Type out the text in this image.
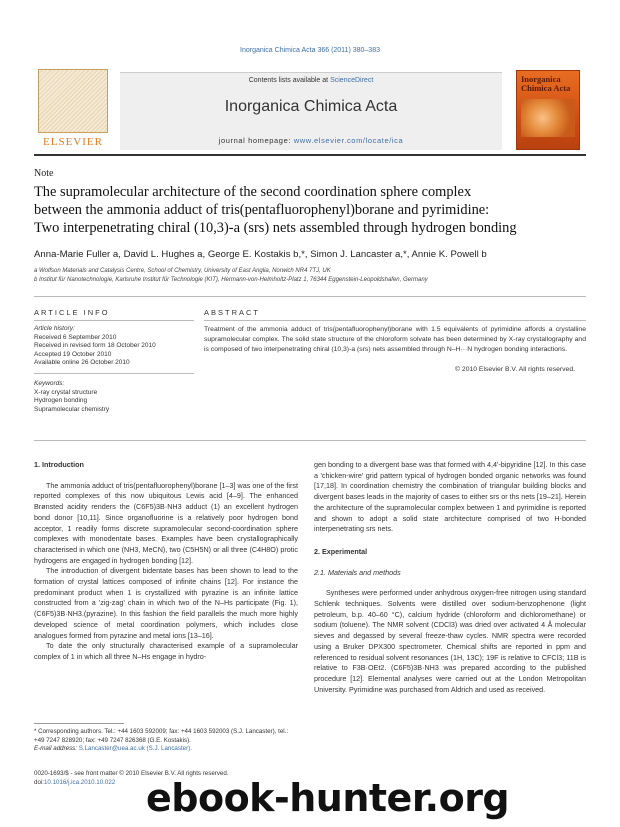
Inorganica Chimica Acta 366 (2011) 380–383
ELSEVIER
Contents lists available at ScienceDirect
Inorganica Chimica Acta
journal homepage: www.elsevier.com/locate/ica
Inorganica Chimica Acta
Note
The supramolecular architecture of the second coordination sphere complex
between the ammonia adduct of tris(pentafluorophenyl)borane and pyrimidine:
Two interpenetrating chiral (10,3)-a (srs) nets assembled through hydrogen bonding
Anna-Marie Fuller a, David L. Hughes a, George E. Kostakis b,*, Simon J. Lancaster a,*, Annie K. Powell b
a Wolfson Materials and Catalysis Centre, School of Chemistry, University of East Anglia, Norwich NR4 7TJ, UK
b Institut für Nanotechnologie, Karlsruhe Institut für Technologie (KIT), Hermann-von-Helmholtz-Platz 1, 76344 Eggenstein-Leopoldshafen, Germany
ARTICLE INFO	ABSTRACT
Article history:
Received 6 September 2010
Received in revised form 18 October 2010
Accepted 19 October 2010
Available online 26 October 2010
Keywords:
X-ray crystal structure
Hydrogen bonding
Supramolecular chemistry
Treatment of the ammonia adduct of tris(pentafluorophenyl)borane with 1.5 equivalents of pyrimidine affords a crystalline supramolecular complex. The solid state structure of the chloroform solvate has been determined by X-ray crystallography and is composed of two interpenetrating chiral (10,3)-a (srs) nets assembled through N–H···N hydrogen bonding interactions.
© 2010 Elsevier B.V. All rights reserved.
1. Introduction

The ammonia adduct of tris(pentafluorophenyl)borane [1–3] was one of the first reported complexes of this now ubiquitous Lewis acid [4–9]. The enhanced Brønsted acidity renders the (C6F5)3B·NH3 adduct (1) an excellent hydrogen bond donor [10,11]. Since organofluorine is a relatively poor hydrogen bond acceptor, 1 readily forms discrete supramolecular second-coordination sphere complexes with monodentate bases. Examples have been crystallographically characterised in which one (NH3, MeCN), two (C5H5N) or all three (C4H8O) protic hydrogens are engaged in hydrogen bonding [12].

The introduction of divergent bidentate bases has been shown to lead to the formation of crystal lattices composed of infinite chains [12]. For instance the predominant product when 1 is crystallized with pyrazine is an infinite lattice constructed from a 'zig-zag' chain in which two of the N–Hs participate (Fig. 1), (C6F5)3B·NH3.(pyrazine). In this fashion the field parallels the much more highly developed science of metal coordination polymers, which includes close analogues formed from pyrazine and metal ions [13–16].

To date the only structurally characterised example of a supramolecular complex of 1 in which all three N–Hs engage in hydro-

gen bonding to a divergent base was that formed with 4,4'-bipyridine [12]. In this case a 'chicken-wire' grid pattern typical of hydrogen bonded organic networks was found [17,18]. In coordination chemistry the combination of triangular building blocks and divergent bases leads in the majority of cases to either srs or ths nets [19–21]. Herein the architecture of the supramolecular complex between 1 and pyrimidine is reported and shown to adopt a solid state architecture comprised of two H-bonded interpenetrating srs nets.

2. Experimental
2.1. Materials and methods

Syntheses were performed under anhydrous oxygen-free nitrogen using standard Schlenk techniques. Solvents were distilled over sodium-benzophenone (light petroleum, b.p. 40–60 °C), calcium hydride (chloroform and dichloromethane) or sodium (toluene). The NMR solvent (CDCl3) was dried over activated 4 Å molecular sieves and degassed by several freeze-thaw cycles. NMR spectra were recorded using a Bruker DPX300 spectrometer. Chemical shifts are reported in ppm and referenced to residual solvent resonances (1H, 13C); 19F is relative to CFCl3; 11B is relative to F3B·OEt2. (C6F5)3B·NH3 was prepared according to the published procedure [12]. Elemental analyses were carried out at the London Metropolitan University. Pyrimidine was purchased from Aldrich and used as received.

* Corresponding authors. Tel.: +44 1603 592009; fax: +44 1603 592003 (S.J. Lancaster), tel.: +49 7247 828920; fax: +49 7247 826368 (G.E. Kostakis).
E-mail address: S.Lancaster@uea.ac.uk (S.J. Lancaster).
0020-1693/$ - see front matter © 2010 Elsevier B.V. All rights reserved.
doi:10.1016/j.ica.2010.10.022 ebook-hunter.org
